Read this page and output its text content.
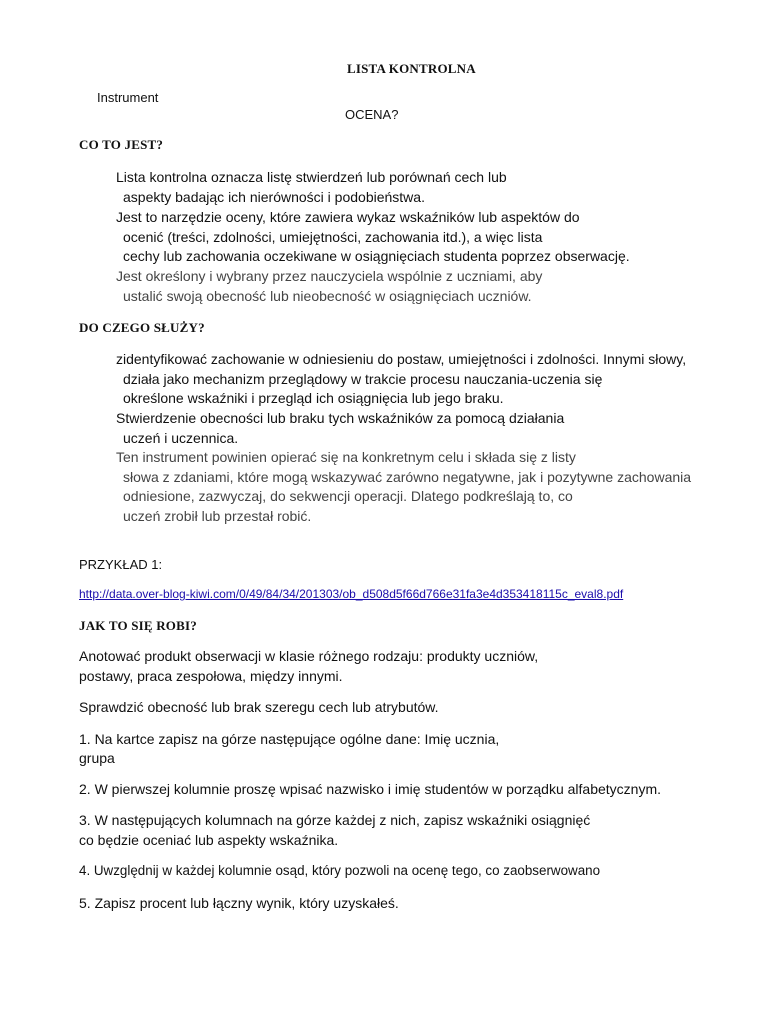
LISTA KONTROLNA
Instrument
OCENA?
CO TO JEST?
Lista kontrolna oznacza listę stwierdzeń lub porównań cech lub
aspekty badając ich nierówności i podobieństwa.
Jest to narzędzie oceny, które zawiera wykaz wskaźników lub aspektów do
ocenić (treści, zdolności, umiejętności, zachowania itd.), a więc lista
cechy lub zachowania oczekiwane w osiągnięciach studenta poprzez obserwację.
Jest określony i wybrany przez nauczyciela wspólnie z uczniami, aby
ustalić swoją obecność lub nieobecność w osiągnięciach uczniów.
DO CZEGO SŁUŻY?
zidentyfikować zachowanie w odniesieniu do postaw, umiejętności i zdolności. Innymi słowy,
działa jako mechanizm przeglądowy w trakcie procesu nauczania-uczenia się
określone wskaźniki i przegląd ich osiągnięcia lub jego braku.
Stwierdzenie obecności lub braku tych wskaźników za pomocą działania
uczeń i uczennica.
Ten instrument powinien opierać się na konkretnym celu i składa się z listy
słowa z zdaniami, które mogą wskazywać zarówno negatywne, jak i pozytywne zachowania
odniesione, zazwyczaj, do sekwencji operacji. Dlatego podkreślają to, co
uczeń zrobił lub przestał robić.
PRZYKŁAD 1:
http://data.over-blog-kiwi.com/0/49/84/34/201303/ob_d508d5f66d766e31fa3e4d353418115c_eval8.pdf
JAK TO SIĘ ROBI?
Anotować produkt obserwacji w klasie różnego rodzaju: produkty uczniów,
postawy, praca zespołowa, między innymi.
Sprawdzić obecność lub brak szeregu cech lub atrybutów.
1. Na kartce zapisz na górze następujące ogólne dane: Imię ucznia,
grupa
2. W pierwszej kolumnie proszę wpisać nazwisko i imię studentów w porządku alfabetycznym.
3. W następujących kolumnach na górze każdej z nich, zapisz wskaźniki osiągnięć
co będzie oceniać lub aspekty wskaźnika.
4. Uwzględnij w każdej kolumnie osąd, który pozwoli na ocenę tego, co zaobserwowano
5. Zapisz procent lub łączny wynik, który uzyskałeś.
